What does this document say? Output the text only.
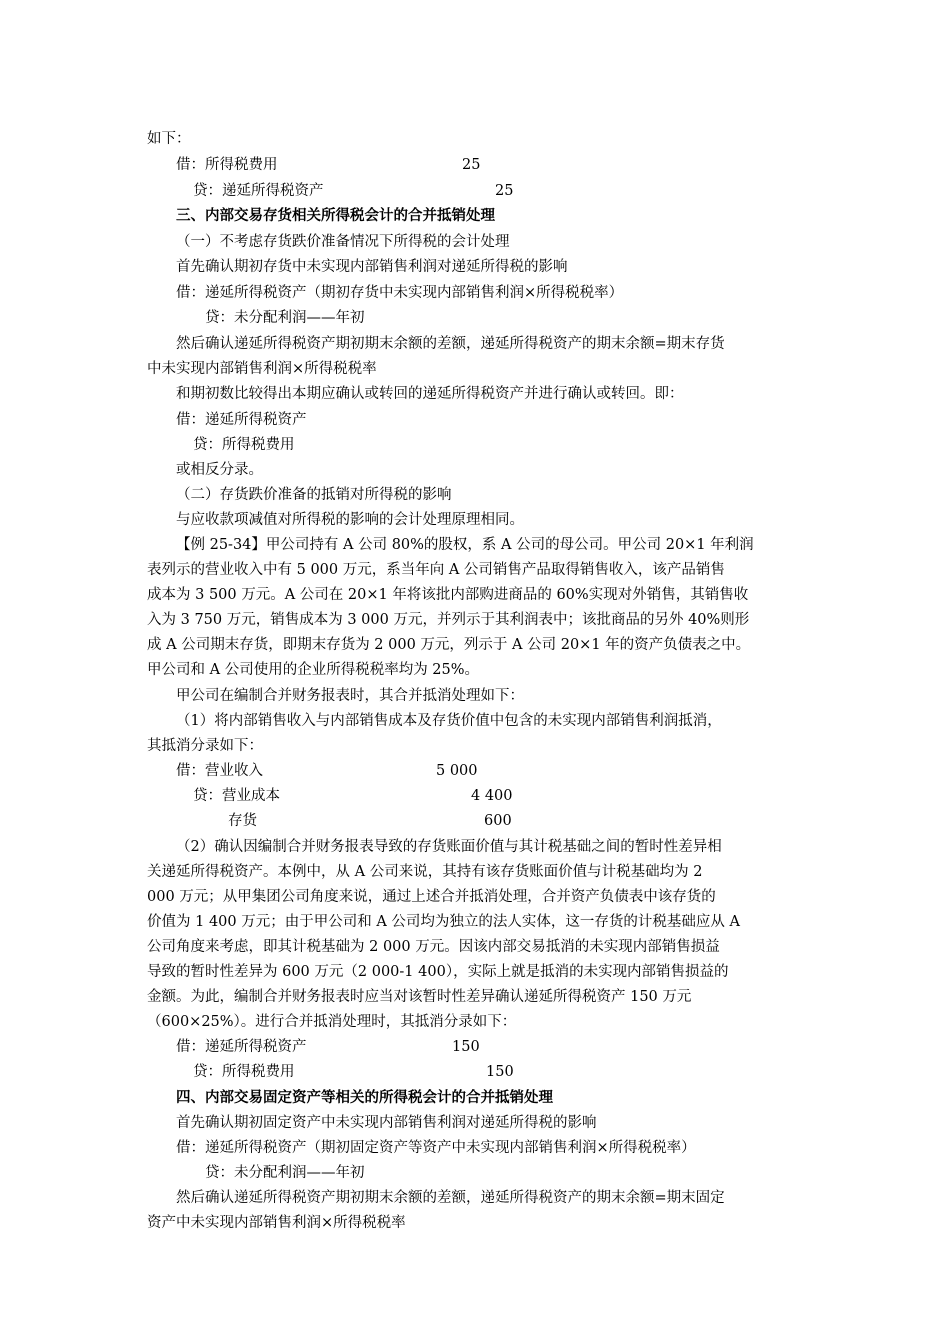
如下：
借：所得税费用	25
贷：递延所得税资产	25
三、内部交易存货相关所得税会计的合并抵销处理
（一）不考虑存货跌价准备情况下所得税的会计处理
首先确认期初存货中未实现内部销售利润对递延所得税的影响
借：递延所得税资产（期初存货中未实现内部销售利润×所得税税率）
贷：未分配利润——年初
然后确认递延所得税资产期初期末余额的差额，递延所得税资产的期末余额=期末存货
中未实现内部销售利润×所得税税率
和期初数比较得出本期应确认或转回的递延所得税资产并进行确认或转回。即：
借：递延所得税资产
贷：所得税费用
或相反分录。
（二）存货跌价准备的抵销对所得税的影响
与应收款项减值对所得税的影响的会计处理原理相同。
【例 25-34】甲公司持有 A 公司 80%的股权，系 A 公司的母公司。甲公司 20×1 年利润
表列示的营业收入中有 5 000 万元，系当年向 A 公司销售产品取得销售收入，该产品销售
成本为 3 500 万元。A 公司在 20×1 年将该批内部购进商品的 60%实现对外销售，其销售收
入为 3 750 万元，销售成本为 3 000 万元，并列示于其利润表中；该批商品的另外 40%则形
成 A 公司期末存货，即期末存货为 2 000 万元，列示于 A 公司 20×1 年的资产负债表之中。
甲公司和 A 公司使用的企业所得税税率均为 25%。
甲公司在编制合并财务报表时，其合并抵消处理如下：
（1）将内部销售收入与内部销售成本及存货价值中包含的未实现内部销售利润抵消，
其抵消分录如下：
借：营业收入	5 000
贷：营业成本	4 400
存货	600
（2）确认因编制合并财务报表导致的存货账面价值与其计税基础之间的暂时性差异相
关递延所得税资产。本例中，从 A 公司来说，其持有该存货账面价值与计税基础均为 2
000 万元；从甲集团公司角度来说，通过上述合并抵消处理，合并资产负债表中该存货的
价值为 1 400 万元；由于甲公司和 A 公司均为独立的法人实体，这一存货的计税基础应从 A
公司角度来考虑，即其计税基础为 2 000 万元。因该内部交易抵消的未实现内部销售损益
导致的暂时性差异为 600 万元（2 000-1 400），实际上就是抵消的未实现内部销售损益的
金额。为此，编制合并财务报表时应当对该暂时性差异确认递延所得税资产 150 万元
（600×25%）。进行合并抵消处理时，其抵消分录如下：
借：递延所得税资产	150
贷：所得税费用	150
四、内部交易固定资产等相关的所得税会计的合并抵销处理
首先确认期初固定资产中未实现内部销售利润对递延所得税的影响
借：递延所得税资产（期初固定资产等资产中未实现内部销售利润×所得税税率）
贷：未分配利润——年初
然后确认递延所得税资产期初期末余额的差额，递延所得税资产的期末余额=期末固定
资产中未实现内部销售利润×所得税税率
